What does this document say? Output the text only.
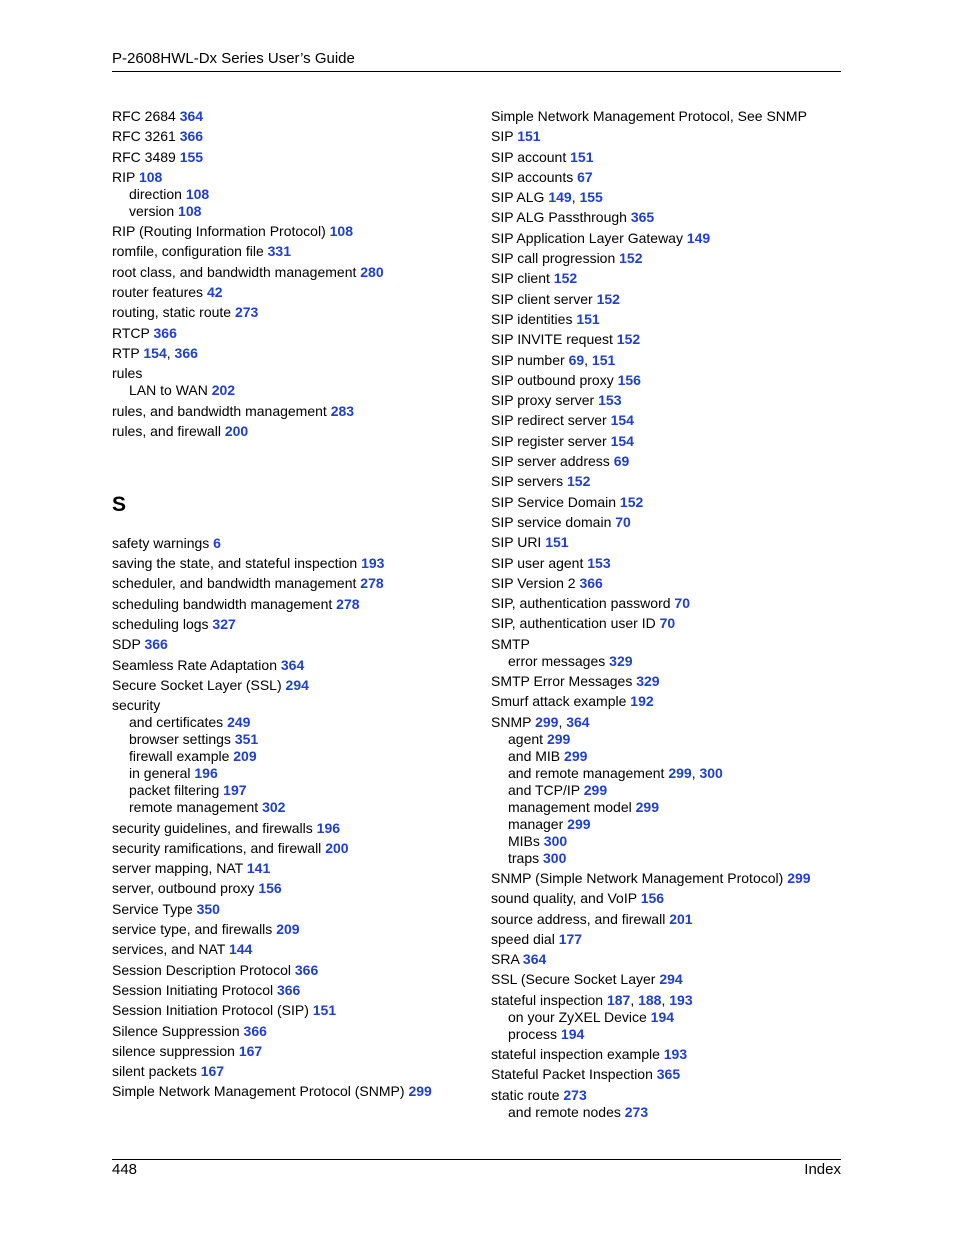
P-2608HWL-Dx Series User’s Guide
RFC 2684 364
RFC 3261 366
RFC 3489 155
RIP 108
direction 108
version 108
RIP (Routing Information Protocol) 108
romfile, configuration file 331
root class, and bandwidth management 280
router features 42
routing, static route 273
RTCP 366
RTP 154, 366
rules
LAN to WAN 202
rules, and bandwidth management 283
rules, and firewall 200
S
safety warnings 6
saving the state, and stateful inspection 193
scheduler, and bandwidth management 278
scheduling bandwidth management 278
scheduling logs 327
SDP 366
Seamless Rate Adaptation 364
Secure Socket Layer (SSL) 294
security
and certificates 249
browser settings 351
firewall example 209
in general 196
packet filtering 197
remote management 302
security guidelines, and firewalls 196
security ramifications, and firewall 200
server mapping, NAT 141
server, outbound proxy 156
Service Type 350
service type, and firewalls 209
services, and NAT 144
Session Description Protocol 366
Session Initiating Protocol 366
Session Initiation Protocol (SIP) 151
Silence Suppression 366
silence suppression 167
silent packets 167
Simple Network Management Protocol (SNMP) 299
Simple Network Management Protocol, See SNMP
SIP 151
SIP account 151
SIP accounts 67
SIP ALG 149, 155
SIP ALG Passthrough 365
SIP Application Layer Gateway 149
SIP call progression 152
SIP client 152
SIP client server 152
SIP identities 151
SIP INVITE request 152
SIP number 69, 151
SIP outbound proxy 156
SIP proxy server 153
SIP redirect server 154
SIP register server 154
SIP server address 69
SIP servers 152
SIP Service Domain 152
SIP service domain 70
SIP URI 151
SIP user agent 153
SIP Version 2 366
SIP, authentication password 70
SIP, authentication user ID 70
SMTP
error messages 329
SMTP Error Messages 329
Smurf attack example 192
SNMP 299, 364
agent 299
and MIB 299
and remote management 299, 300
and TCP/IP 299
management model 299
manager 299
MIBs 300
traps 300
SNMP (Simple Network Management Protocol) 299
sound quality, and VoIP 156
source address, and firewall 201
speed dial 177
SRA 364
SSL (Secure Socket Layer 294
stateful inspection 187, 188, 193
on your ZyXEL Device 194
process 194
stateful inspection example 193
Stateful Packet Inspection 365
static route 273
and remote nodes 273
448	Index
